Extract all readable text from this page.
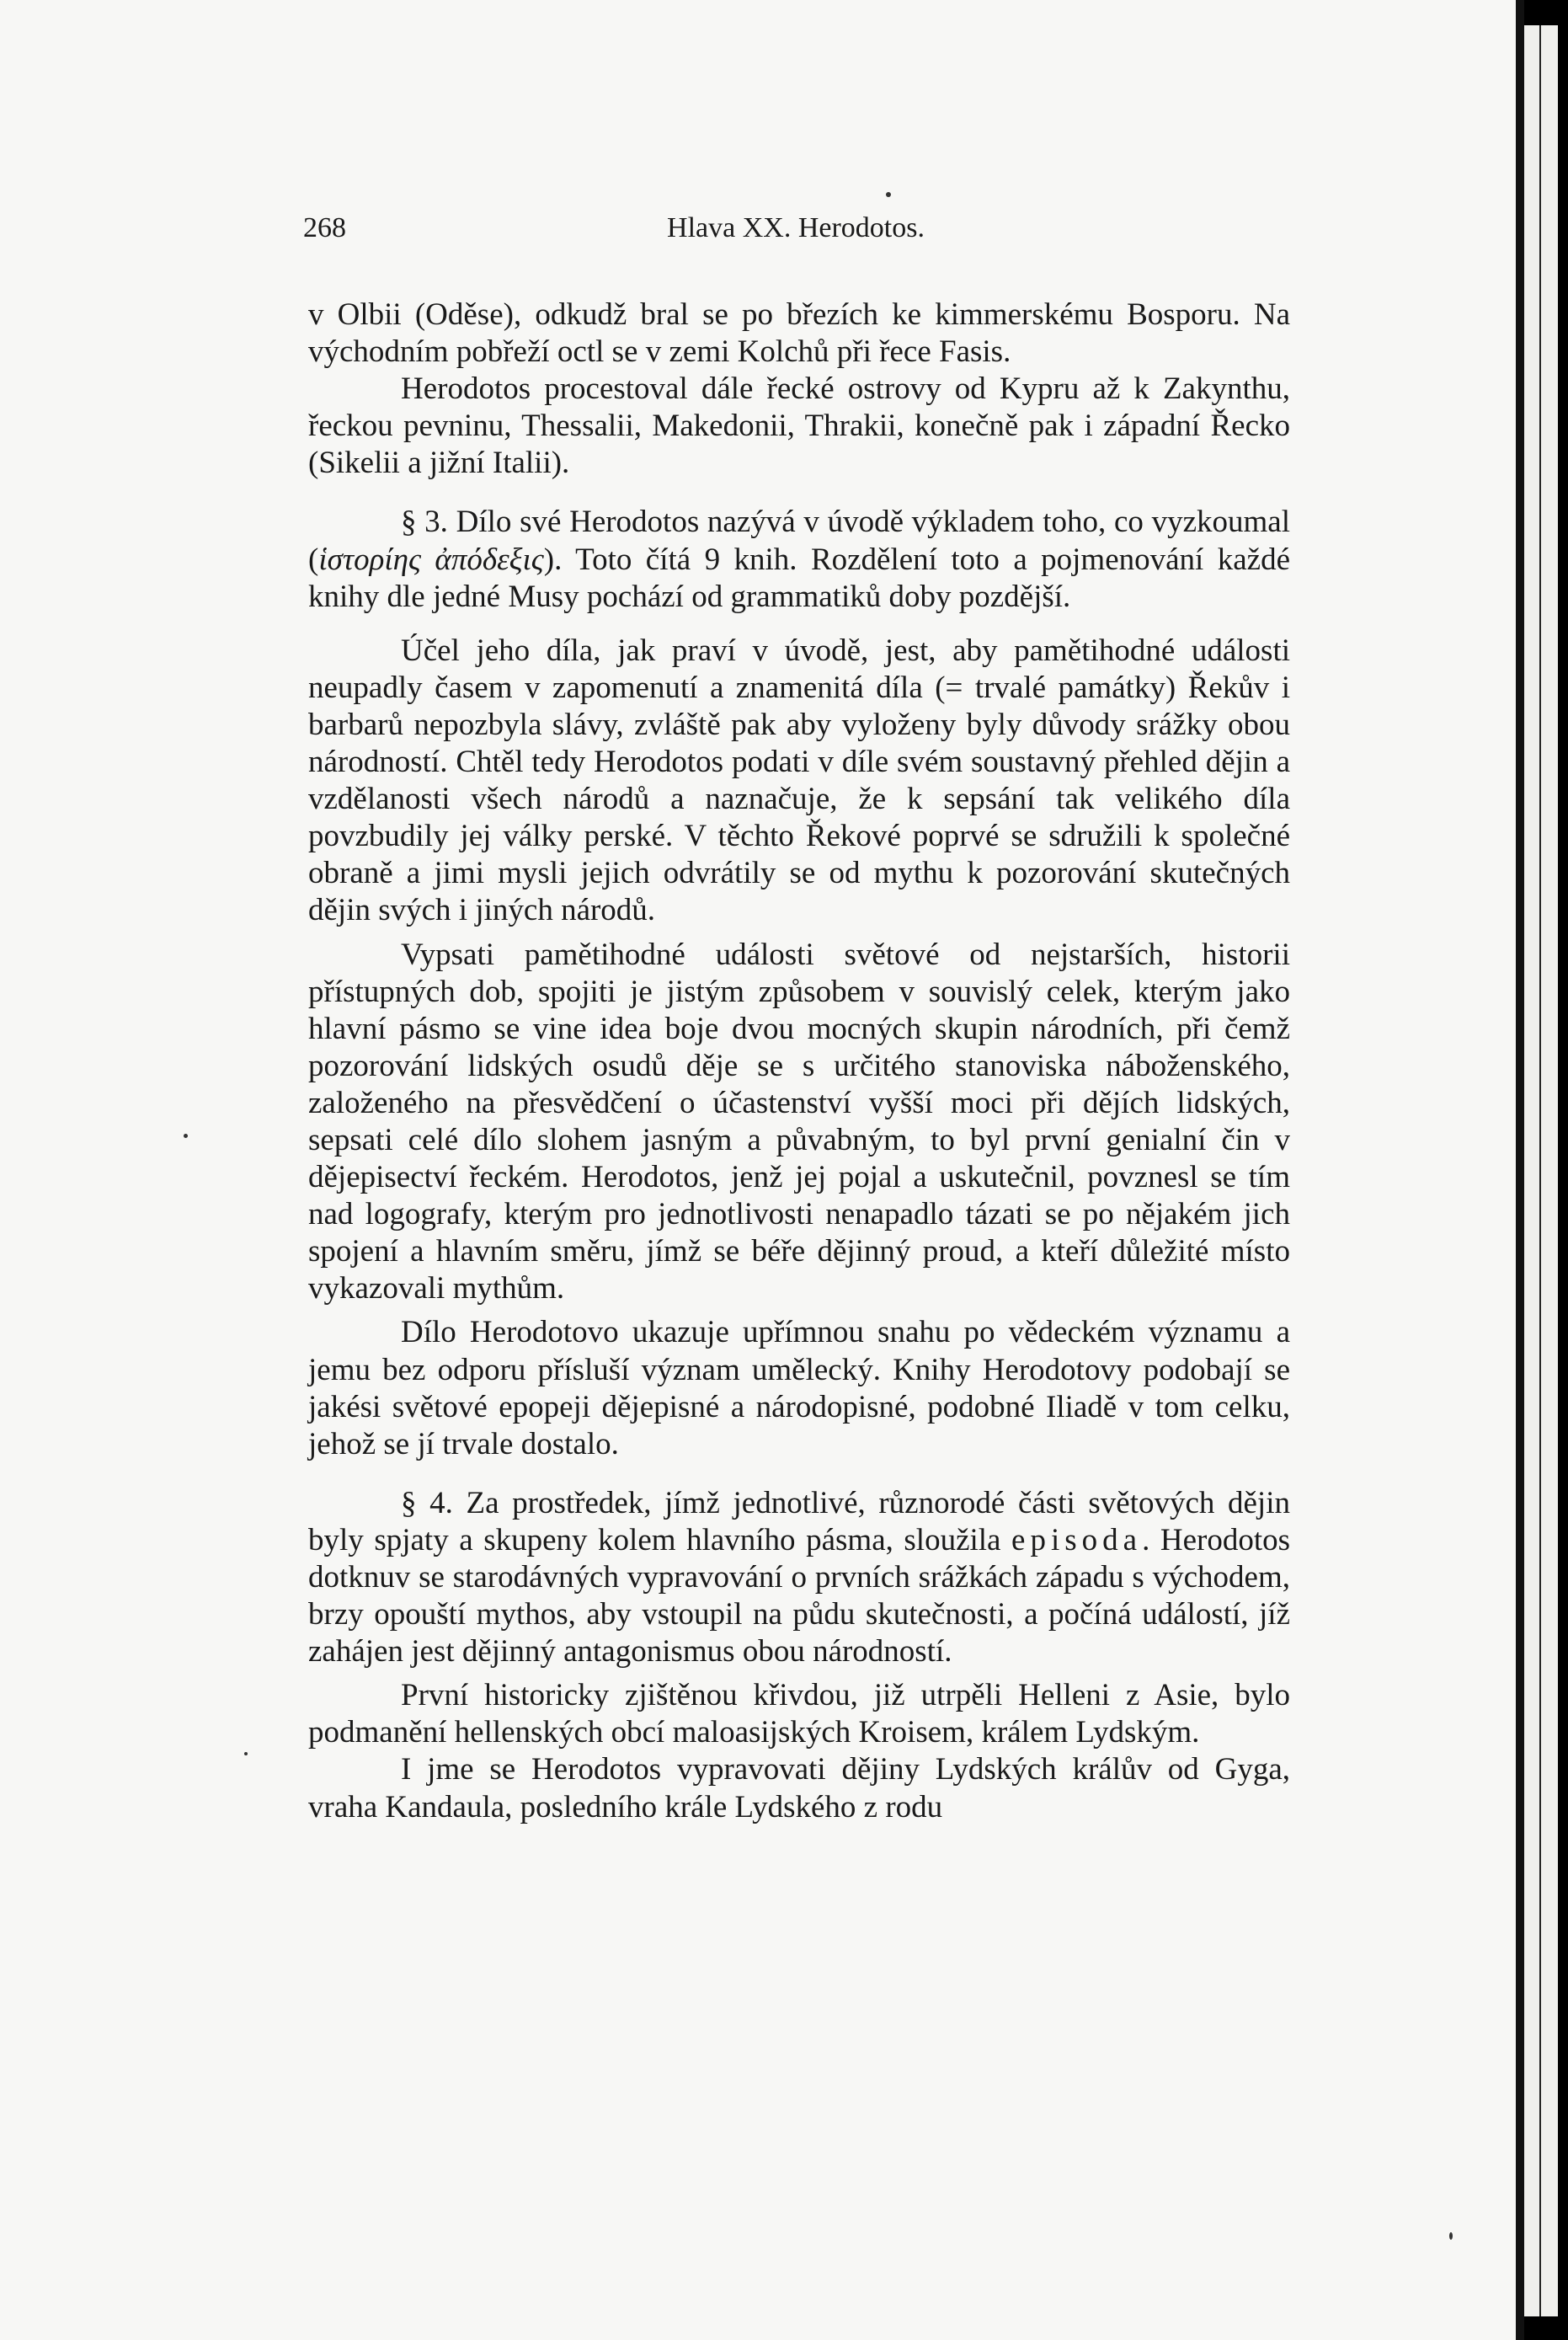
268	Hlava XX. Herodotos.

v Olbii (Oděse), odkudž bral se po březích ke kimmerskému Bosporu. Na východním pobřeží octl se v zemi Kolchů při řece Fasis.

Herodotos procestoval dále řecké ostrovy od Kypru až k Zakynthu, řeckou pevninu, Thessalii, Makedonii, Thrakii, konečně pak i západní Řecko (Sikelii a jižní Italii).

§ 3. Dílo své Herodotos nazývá v úvodě výkladem toho, co vyzkoumal (ἱστορίης ἀπόδεξις). Toto čítá 9 knih. Rozdělení toto a pojmenování každé knihy dle jedné Musy pochází od grammatiků doby pozdější.

Účel jeho díla, jak praví v úvodě, jest, aby pamětihodné události neupadly časem v zapomenutí a znamenitá díla (= trvalé památky) Řekův i barbarů nepozbyla slávy, zvláště pak aby vyloženy byly důvody srážky obou národností. Chtěl tedy Herodotos podati v díle svém soustavný přehled dějin a vzdělanosti všech národů a naznačuje, že k sepsání tak velikého díla povzbudily jej války perské. V těchto Řekové poprvé se sdružili k společné obraně a jimi mysli jejich odvrátily se od mythu k pozorování skutečných dějin svých i jiných národů.

Vypsati pamětihodné události světové od nejstarších, historii přístupných dob, spojiti je jistým způsobem v souvislý celek, kterým jako hlavní pásmo se vine idea boje dvou mocných skupin národních, při čemž pozorování lidských osudů děje se s určitého stanoviska náboženského, založeného na přesvědčení o účastenství vyšší moci při dějích lidských, sepsati celé dílo slohem jasným a půvabným, to byl první genialní čin v dějepisectví řeckém. Herodotos, jenž jej pojal a uskutečnil, povznesl se tím nad logografy, kterým pro jednotlivosti nenapadlo tázati se po nějakém jich spojení a hlavním směru, jímž se béře dějinný proud, a kteří důležité místo vykazovali mythům.

Dílo Herodotovo ukazuje upřímnou snahu po vědeckém významu a jemu bez odporu přísluší význam umělecký. Knihy Herodotovy podobají se jakési světové epopeji dějepisné a národopisné, podobné Iliadě v tom celku, jehož se jí trvale dostalo.

§ 4. Za prostředek, jímž jednotlivé, různorodé části světových dějin byly spjaty a skupeny kolem hlavního pásma, sloužila episoda. Herodotos dotknuv se starodávných vypravování o prvních srážkách západu s východem, brzy opouští mythos, aby vstoupil na půdu skutečnosti, a počíná událostí, jíž zahájen jest dějinný antagonismus obou národností.

První historicky zjištěnou křivdou, již utrpěli Helleni z Asie, bylo podmanění hellenských obcí maloasijských Kroisem, králem Lydským.

I jme se Herodotos vypravovati dějiny Lydských králův od Gyga, vraha Kandaula, posledního krále Lydského z rodu
